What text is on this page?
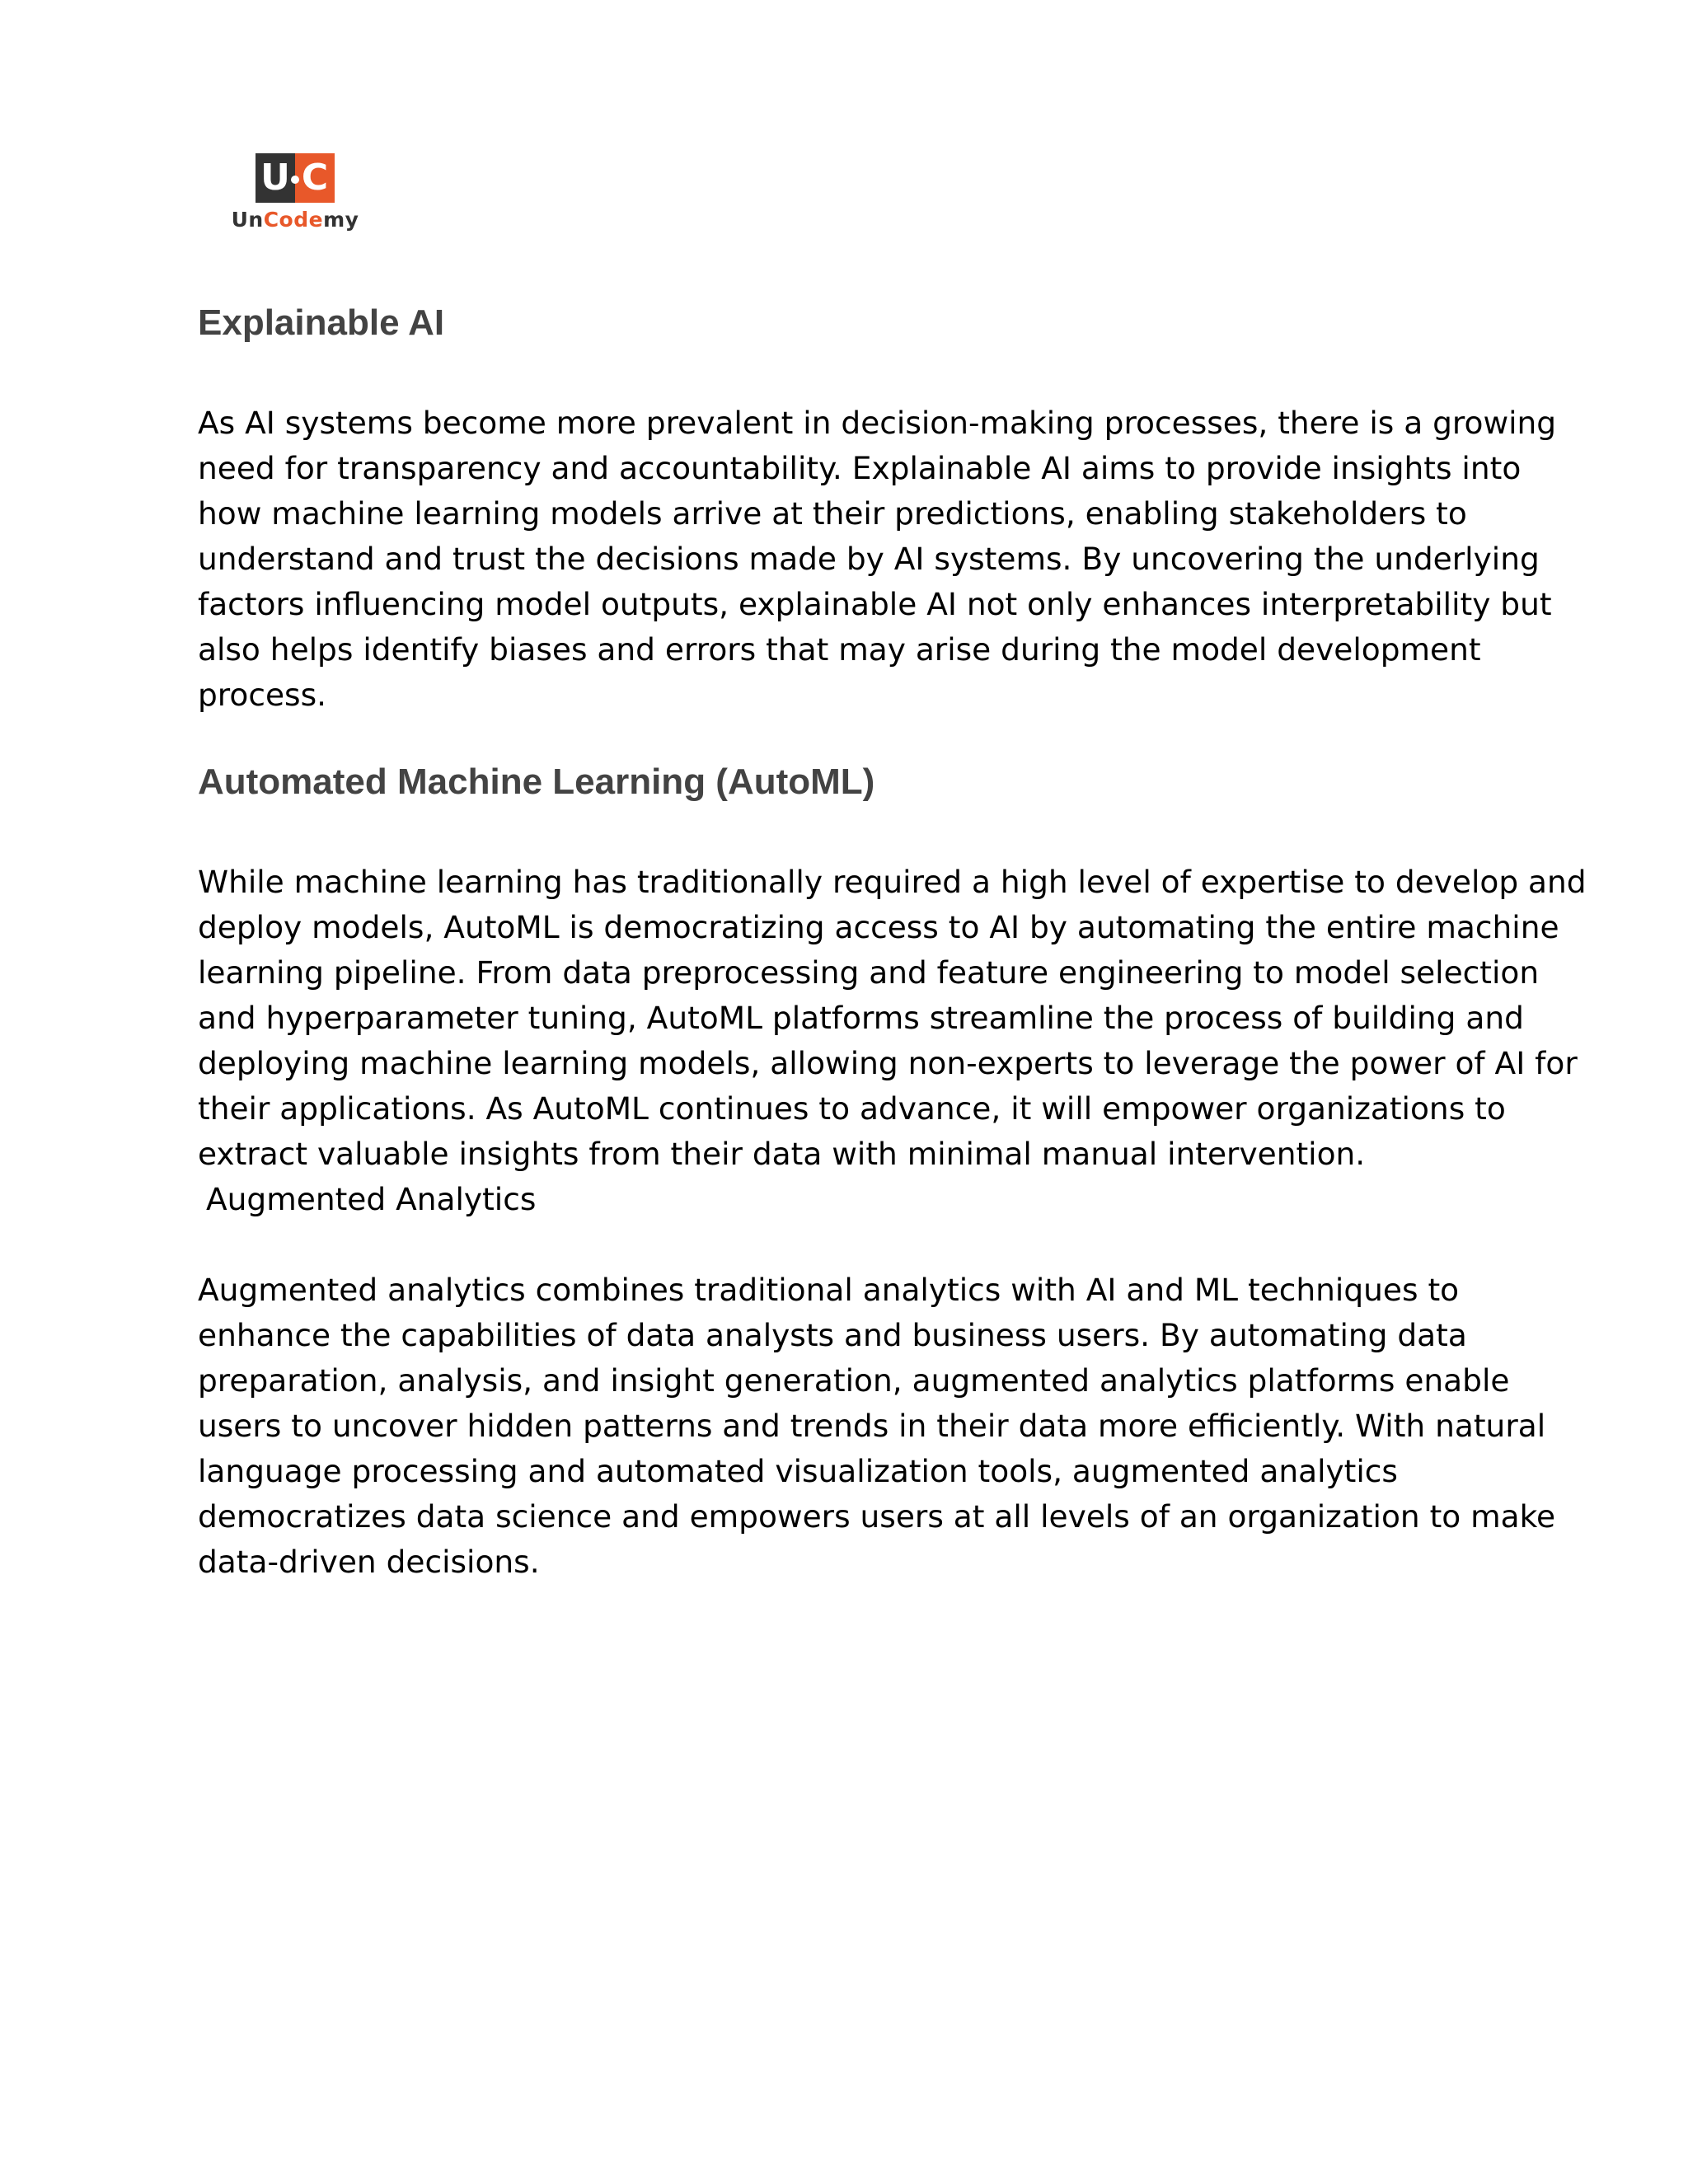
U C
UnCodemy
Explainable AI

As AI systems become more prevalent in decision-making processes, there is a growing
need for transparency and accountability. Explainable AI aims to provide insights into
how machine learning models arrive at their predictions, enabling stakeholders to
understand and trust the decisions made by AI systems. By uncovering the underlying
factors influencing model outputs, explainable AI not only enhances interpretability but
also helps identify biases and errors that may arise during the model development
process.

Automated Machine Learning (AutoML)

While machine learning has traditionally required a high level of expertise to develop and
deploy models, AutoML is democratizing access to AI by automating the entire machine
learning pipeline. From data preprocessing and feature engineering to model selection
and hyperparameter tuning, AutoML platforms streamline the process of building and
deploying machine learning models, allowing non-experts to leverage the power of AI for
their applications. As AutoML continues to advance, it will empower organizations to
extract valuable insights from their data with minimal manual intervention.

Augmented Analytics

Augmented analytics combines traditional analytics with AI and ML techniques to
enhance the capabilities of data analysts and business users. By automating data
preparation, analysis, and insight generation, augmented analytics platforms enable
users to uncover hidden patterns and trends in their data more efficiently. With natural
language processing and automated visualization tools, augmented analytics
democratizes data science and empowers users at all levels of an organization to make
data-driven decisions.
